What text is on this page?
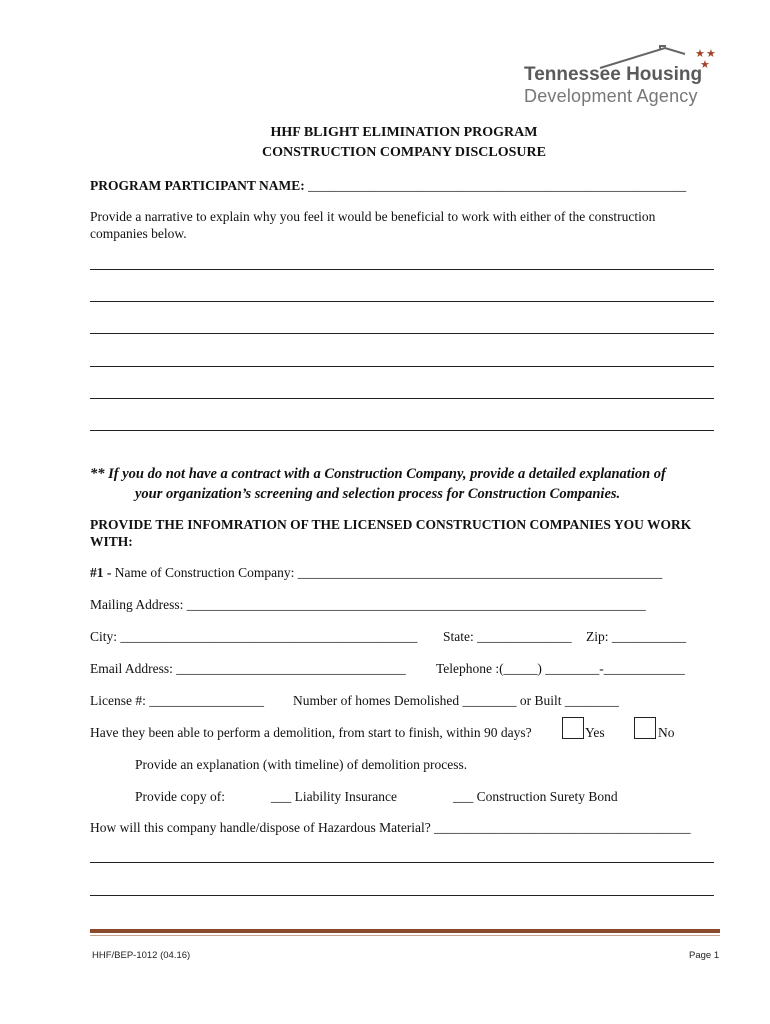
★ ★
★
Tennessee Housing
Development Agency
HHF BLIGHT ELIMINATION PROGRAM
CONSTRUCTION COMPANY DISCLOSURE
PROGRAM PARTICIPANT NAME: ________________________________________________________
Provide a narrative to explain why you feel it would be beneficial to work with either of the construction
companies below.
** If you do not have a contract with a Construction Company, provide a detailed explanation of
your organization’s screening and selection process for Construction Companies.
PROVIDE THE INFOMRATION OF THE LICENSED CONSTRUCTION COMPANIES YOU WORK
WITH:
#1 - Name of Construction Company: ______________________________________________________
Mailing Address: ____________________________________________________________________
City: ____________________________________________ State: ______________ Zip: ___________
Email Address: __________________________________ Telephone :(_____) ________-____________
License #: _________________ Number of homes Demolished ________ or Built ________
Have they been able to perform a demolition, from start to finish, within 90 days?	Yes	No
Provide an explanation (with timeline) of demolition process.
Provide copy of:	___ Liability Insurance	___ Construction Surety Bond
How will this company handle/dispose of Hazardous Material? ______________________________________
HHF/BEP-1012 (04.16)	Page 1
